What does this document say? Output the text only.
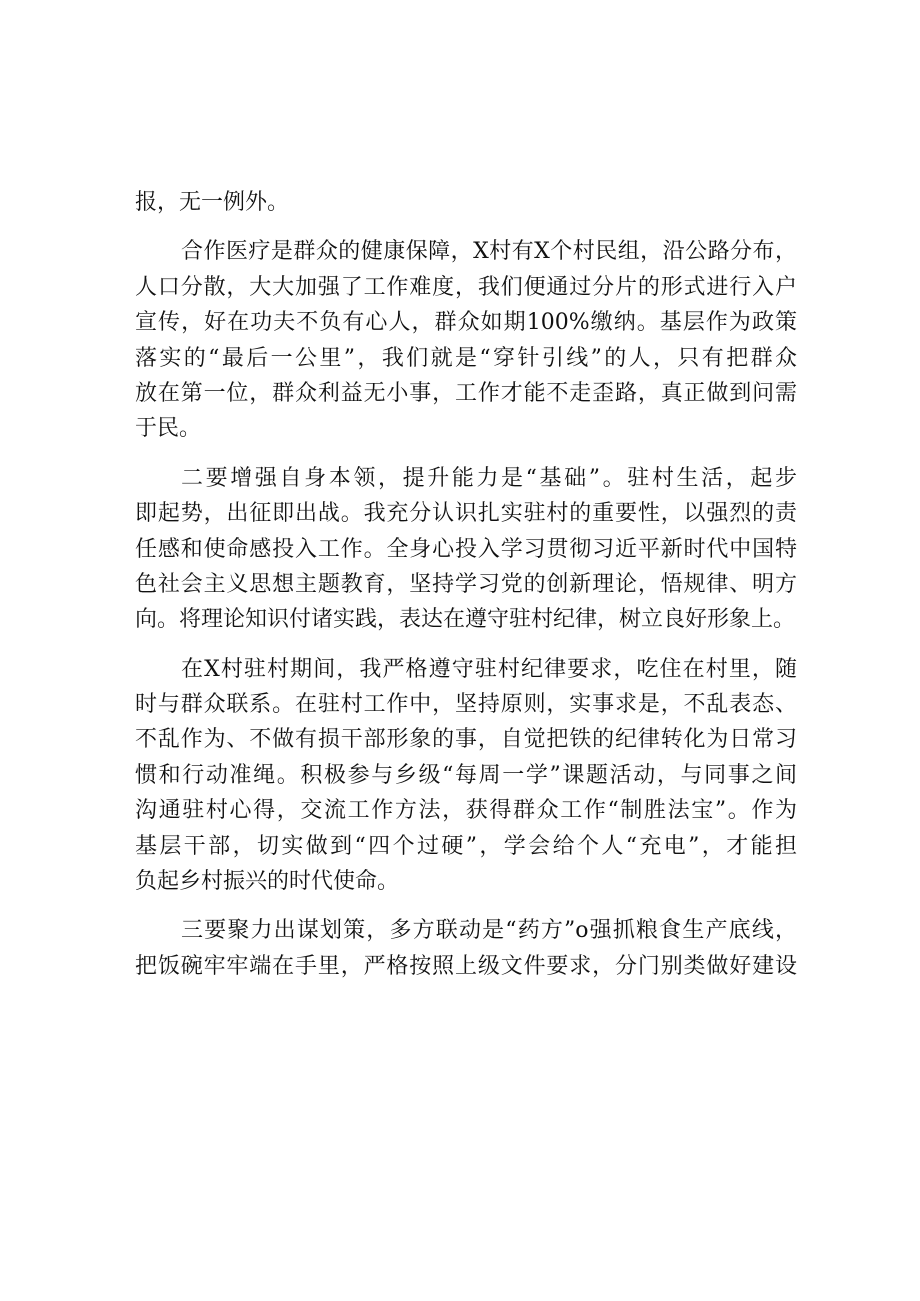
报，无一例外。

合作医疗是群众的健康保障，X村有X个村民组，沿公路分布，
人口分散，大大加强了工作难度，我们便通过分片的形式进行入户
宣传，好在功夫不负有心人，群众如期100%缴纳。基层作为政策
落实的“最后一公里”，我们就是“穿针引线”的人，只有把群众
放在第一位，群众利益无小事，工作才能不走歪路，真正做到问需
于民。

二要增强自身本领，提升能力是“基础”。驻村生活，起步
即起势，出征即出战。我充分认识扎实驻村的重要性，以强烈的责
任感和使命感投入工作。全身心投入学习贯彻习近平新时代中国特
色社会主义思想主题教育，坚持学习党的创新理论，悟规律、明方
向。将理论知识付诸实践，表达在遵守驻村纪律，树立良好形象上。

在X村驻村期间，我严格遵守驻村纪律要求，吃住在村里，随
时与群众联系。在驻村工作中，坚持原则，实事求是，不乱表态、
不乱作为、不做有损干部形象的事，自觉把铁的纪律转化为日常习
惯和行动准绳。积极参与乡级“每周一学”课题活动，与同事之间
沟通驻村心得，交流工作方法，获得群众工作“制胜法宝”。作为
基层干部，切实做到“四个过硬”，学会给个人“充电”，才能担
负起乡村振兴的时代使命。

三要聚力出谋划策，多方联动是“药方”o强抓粮食生产底线，
把饭碗牢牢端在手里，严格按照上级文件要求，分门别类做好建设
